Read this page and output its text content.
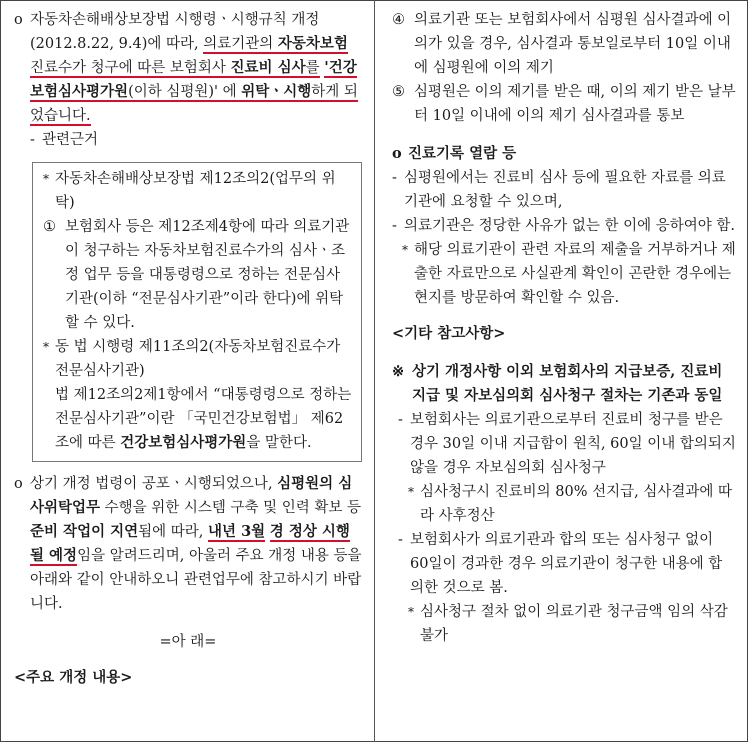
o 자동차손해배상보장법 시행령ㆍ시행규칙 개정(2012.8.22, 9.4)에 따라, 의료기관의 자동차보험 진료수가 청구에 따른 보험회사 진료비 심사를 '건강보험심사평가원(이하 심평원)' 에 위탁ㆍ시행하게 되었습니다.

- 관련근거

* 자동차손해배상보장법 제12조의2(업무의 위탁)

① 보험회사 등은 제12조제4항에 따라 의료기관이 청구하는 자동차보험진료수가의 심사ㆍ조정 업무 등을 대통령령으로 정하는 전문심사기관(이하 “전문심사기관”이라 한다)에 위탁할 수 있다.

* 동 법 시행령 제11조의2(자동차보험진료수가 전문심사기관)

법 제12조의2제1항에서 “대통령령으로 정하는 전문심사기관”이란 「국민건강보험법」 제62조에 따른 건강보험심사평가원을 말한다.

o 상기 개정 법령이 공포ㆍ시행되었으나, 심평원의 심사위탁업무 수행을 위한 시스템 구축 및 인력 확보 등 준비 작업이 지연됨에 따라, 내년 3월 경 정상 시행될 예정임을 알려드리며, 아울러 주요 개정 내용 등을 아래와 같이 안내하오니 관련업무에 참고하시기 바랍니다.

=아 래=

<주요 개정 내용>

④ 의료기관 또는 보험회사에서 심평원 심사결과에 이의가 있을 경우, 심사결과 통보일로부터 10일 이내에 심평원에 이의 제기

⑤ 심평원은 이의 제기를 받은 때, 이의 제기 받은 날부터 10일 이내에 이의 제기 심사결과를 통보

o 진료기록 열람 등

- 심평원에서는 진료비 심사 등에 필요한 자료를 의료기관에 요청할 수 있으며,

- 의료기관은 정당한 사유가 없는 한 이에 응하여야 함.

* 해당 의료기관이 관련 자료의 제출을 거부하거나 제출한 자료만으로 사실관계 확인이 곤란한 경우에는 현지를 방문하여 확인할 수 있음.

<기타 참고사항>

※ 상기 개정사항 이외 보험회사의 지급보증, 진료비 지급 및 자보심의회 심사청구 절차는 기존과 동일

- 보험회사는 의료기관으로부터 진료비 청구를 받은 경우 30일 이내 지급함이 원칙, 60일 이내 합의되지 않을 경우 자보심의회 심사청구

* 심사청구시 진료비의 80% 선지급, 심사결과에 따라 사후정산

- 보험회사가 의료기관과 합의 또는 심사청구 없이 60일이 경과한 경우 의료기관이 청구한 내용에 합의한 것으로 봄.

* 심사청구 절차 없이 의료기관 청구금액 임의 삭감 불가
